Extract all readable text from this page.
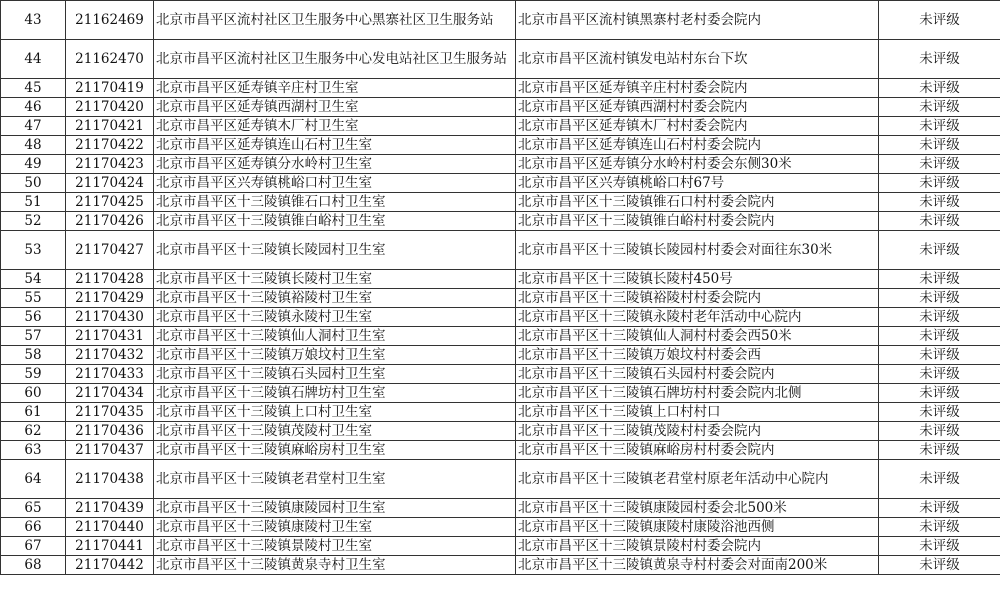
43	21162469	北京市昌平区流村社区卫生服务中心黑寨社区卫生服务站	北京市昌平区流村镇黑寨村老村委会院内	未评级
44	21162470	北京市昌平区流村社区卫生服务中心发电站社区卫生服务站	北京市昌平区流村镇发电站村东台下坎	未评级
45	21170419	北京市昌平区延寿镇辛庄村卫生室	北京市昌平区延寿镇辛庄村村委会院内	未评级
46	21170420	北京市昌平区延寿镇西湖村卫生室	北京市昌平区延寿镇西湖村村委会院内	未评级
47	21170421	北京市昌平区延寿镇木厂村卫生室	北京市昌平区延寿镇木厂村村委会院内	未评级
48	21170422	北京市昌平区延寿镇连山石村卫生室	北京市昌平区延寿镇连山石村村委会院内	未评级
49	21170423	北京市昌平区延寿镇分水岭村卫生室	北京市昌平区延寿镇分水岭村村委会东侧30米	未评级
50	21170424	北京市昌平区兴寿镇桃峪口村卫生室	北京市昌平区兴寿镇桃峪口村67号	未评级
51	21170425	北京市昌平区十三陵镇锥石口村卫生室	北京市昌平区十三陵镇锥石口村村委会院内	未评级
52	21170426	北京市昌平区十三陵镇锥白峪村卫生室	北京市昌平区十三陵镇锥白峪村村委会院内	未评级
53	21170427	北京市昌平区十三陵镇长陵园村卫生室	北京市昌平区十三陵镇长陵园村村委会对面往东30米	未评级
54	21170428	北京市昌平区十三陵镇长陵村卫生室	北京市昌平区十三陵镇长陵村450号	未评级
55	21170429	北京市昌平区十三陵镇裕陵村卫生室	北京市昌平区十三陵镇裕陵村村委会院内	未评级
56	21170430	北京市昌平区十三陵镇永陵村卫生室	北京市昌平区十三陵镇永陵村老年活动中心院内	未评级
57	21170431	北京市昌平区十三陵镇仙人洞村卫生室	北京市昌平区十三陵镇仙人洞村村委会西50米	未评级
58	21170432	北京市昌平区十三陵镇万娘坟村卫生室	北京市昌平区十三陵镇万娘坟村村委会西	未评级
59	21170433	北京市昌平区十三陵镇石头园村卫生室	北京市昌平区十三陵镇石头园村村委会院内	未评级
60	21170434	北京市昌平区十三陵镇石牌坊村卫生室	北京市昌平区十三陵镇石牌坊村村委会院内北侧	未评级
61	21170435	北京市昌平区十三陵镇上口村卫生室	北京市昌平区十三陵镇上口村村口	未评级
62	21170436	北京市昌平区十三陵镇茂陵村卫生室	北京市昌平区十三陵镇茂陵村村委会院内	未评级
63	21170437	北京市昌平区十三陵镇麻峪房村卫生室	北京市昌平区十三陵镇麻峪房村村委会院内	未评级
64	21170438	北京市昌平区十三陵镇老君堂村卫生室	北京市昌平区十三陵镇老君堂村原老年活动中心院内	未评级
65	21170439	北京市昌平区十三陵镇康陵园村卫生室	北京市昌平区十三陵镇康陵园村委会北500米	未评级
66	21170440	北京市昌平区十三陵镇康陵村卫生室	北京市昌平区十三陵镇康陵村康陵浴池西侧	未评级
67	21170441	北京市昌平区十三陵镇景陵村卫生室	北京市昌平区十三陵镇景陵村村委会院内	未评级
68	21170442	北京市昌平区十三陵镇黄泉寺村卫生室	北京市昌平区十三陵镇黄泉寺村村委会对面南200米	未评级
